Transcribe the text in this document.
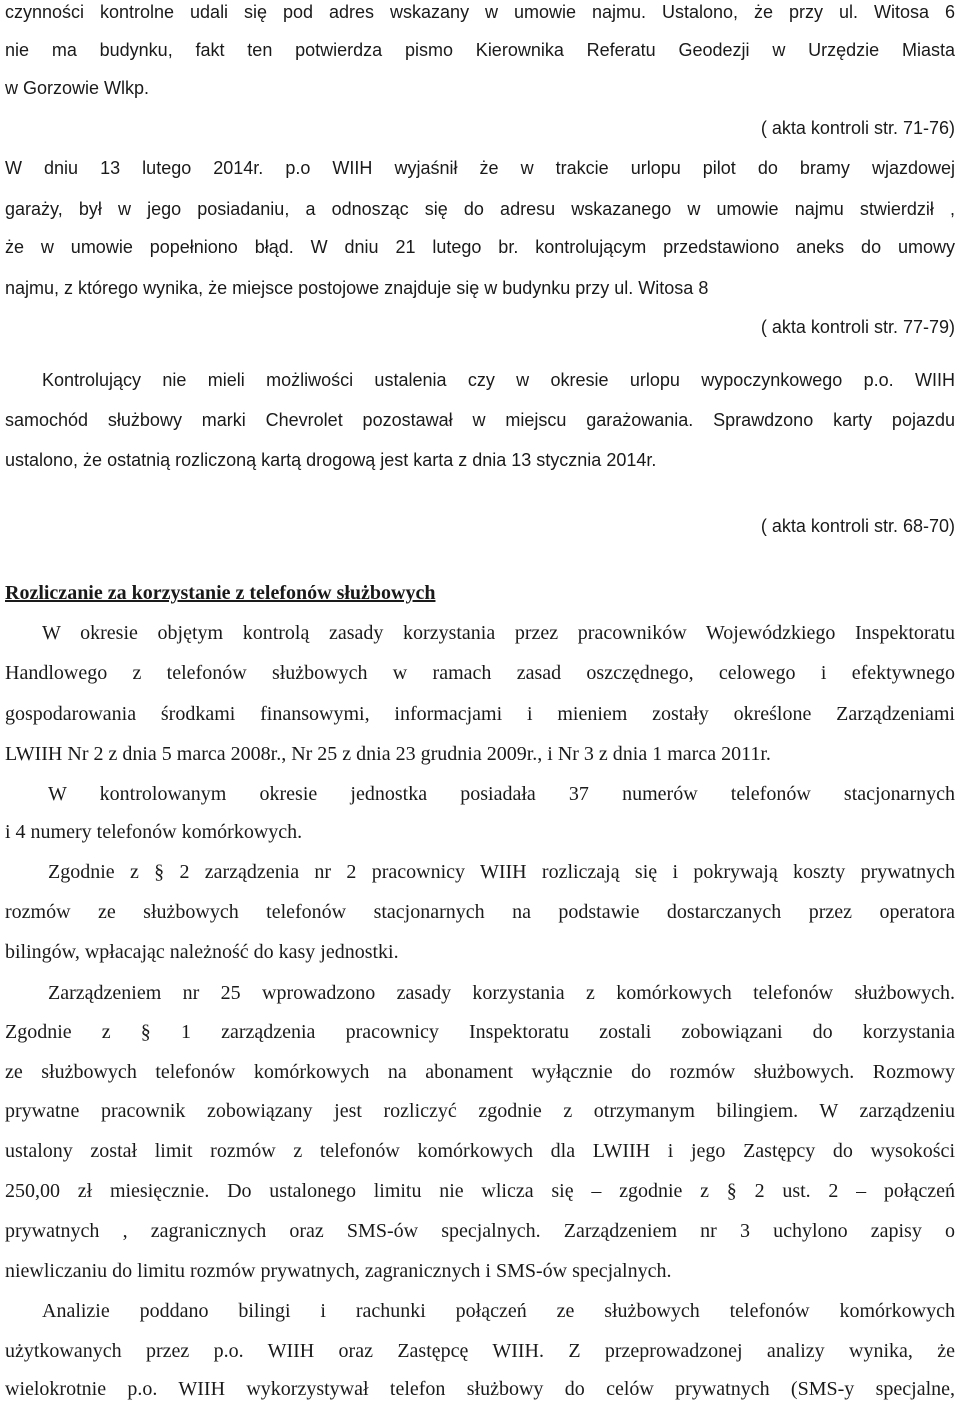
czynności kontrolne udali się pod adres wskazany w umowie najmu. Ustalono, że przy ul. Witosa 6
nie ma budynku, fakt ten potwierdza pismo Kierownika Referatu Geodezji w Urzędzie Miasta
w Gorzowie Wlkp.
( akta kontroli str. 71-76)
W dniu 13 lutego 2014r. p.o WIIH wyjaśnił że w trakcie urlopu pilot do bramy wjazdowej
garaży, był w jego posiadaniu, a odnosząc się do adresu wskazanego w umowie najmu stwierdził ,
że w umowie popełniono błąd. W dniu 21 lutego br. kontrolującym przedstawiono aneks do umowy
najmu, z którego wynika, że miejsce postojowe znajduje się w budynku przy ul. Witosa 8
( akta kontroli str. 77-79)
Kontrolujący nie mieli możliwości ustalenia czy w okresie urlopu wypoczynkowego p.o. WIIH
samochód służbowy marki Chevrolet pozostawał w miejscu garażowania. Sprawdzono karty pojazdu
ustalono, że ostatnią rozliczoną kartą drogową jest karta z dnia 13 stycznia 2014r.
( akta kontroli str. 68-70)
Rozliczanie za korzystanie z telefonów służbowych
W okresie objętym kontrolą zasady korzystania przez pracowników Wojewódzkiego Inspektoratu
Handlowego z telefonów służbowych w ramach zasad oszczędnego, celowego i efektywnego
gospodarowania środkami finansowymi, informacjami i mieniem zostały określone Zarządzeniami
LWIIH Nr 2 z dnia 5 marca 2008r., Nr 25 z dnia 23 grudnia 2009r., i Nr 3 z dnia 1 marca 2011r.
W kontrolowanym okresie jednostka posiadała 37 numerów telefonów stacjonarnych
i 4 numery telefonów komórkowych.
Zgodnie z § 2 zarządzenia nr 2 pracownicy WIIH rozliczają się i pokrywają koszty prywatnych
rozmów ze służbowych telefonów stacjonarnych na podstawie dostarczanych przez operatora
bilingów, wpłacając należność do kasy jednostki.
Zarządzeniem nr 25 wprowadzono zasady korzystania z komórkowych telefonów służbowych.
Zgodnie z § 1 zarządzenia pracownicy Inspektoratu zostali zobowiązani do korzystania
ze służbowych telefonów komórkowych na abonament wyłącznie do rozmów służbowych. Rozmowy
prywatne pracownik zobowiązany jest rozliczyć zgodnie z otrzymanym bilingiem. W zarządzeniu
ustalony został limit rozmów z telefonów komórkowych dla LWIIH i jego Zastępcy do wysokości
250,00 zł miesięcznie. Do ustalonego limitu nie wlicza się – zgodnie z § 2 ust. 2 – połączeń
prywatnych , zagranicznych oraz SMS-ów specjalnych. Zarządzeniem nr 3 uchylono zapisy o
niewliczaniu do limitu rozmów prywatnych, zagranicznych i SMS-ów specjalnych.
Analizie poddano bilingi i rachunki połączeń ze służbowych telefonów komórkowych
użytkowanych przez p.o. WIIH oraz Zastępcę WIIH. Z przeprowadzonej analizy wynika, że
wielokrotnie p.o. WIIH wykorzystywał telefon służbowy do celów prywatnych (SMS-y specjalne,
